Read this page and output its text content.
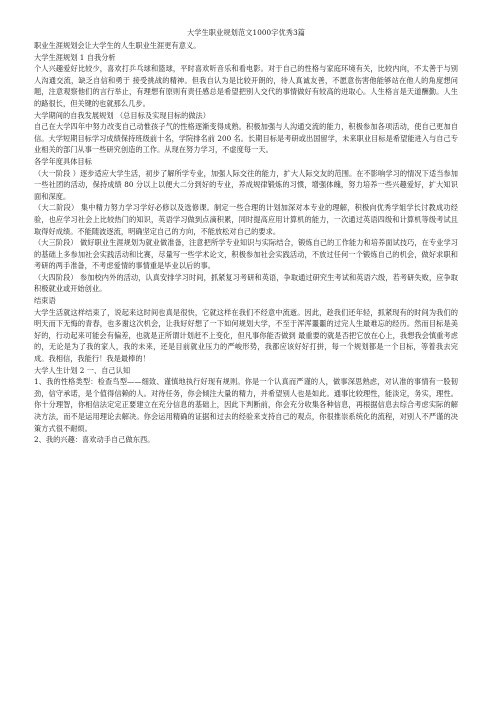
大学生职业规划范文1000字优秀3篇

职业生涯规划会让大学生的人生职业生涯更有意义。

大学生涯规划 1 自我分析

个人兴趣爱好比较少，喜欢打乒乓球和篮球，平时喜欢听音乐和看电影。对于自己的性格与家庭环境有关，比较内向，不太善于与别人沟通交流，缺乏自信和勇于 接受挑战的精神。但我自认为是比较开朗的，待人真诚友善，不愿意伤害他能够站在他人的角度想问题，注意观察他们的言行举止，有理想有原则有责任感总是希望把别人交代的事情做好有较高的进取心。人生格言是天道酬勤。人生的路很长，但关键的也就那么几步。

大学期间的自我发展规划 （总目标及实现目标的做法）

自己在大学四年中努力改变自己动惟孩子气的性格逐渐变得成熟。积极加强与人沟通交流的能力，积极参加各项活动，使自己更加自信。大学短期目标学习成绩保持班级前十名，学院排名前 200 名。长期目标是考研或出国留学，未来职业目标是希望能进入与自己专业相关的部门从事一些研究创造的工作。从现在努力学习，不虚度每一天。

各学年度具体目标

（大一阶段 ）逐步适应大学生活，初步了解所学专业，加强人际交往的能力，扩大人际交友的范围。在不影响学习的情况下适当参加一些社团的活动，保持成绩 80 分以上以便大二分到好的专业，养成规律锻炼的习惯，增强体魄，努力培养一些兴趣爱好，扩大知识面和深度。

（大二阶段） 集中精力努力学习学好必修以及选修课。制定一些合理的计划加深对本专业的理解，积极向优秀学姐学长讨教成功经验，也应学习社会上比较热门的知识，英语学习做到点滴积累，同时提高应用计算机的能力，一次通过英语四级和计算机等级考试且取得好成绩。不能随波逐流，明确坚定自己的方向，不能放松对自己的要求。

（大三阶段） 做好职业生涯规划为就业做准备，注意把所学专业知识与实际结合，锻炼自己的工作能力和培养面试技巧，在专业学习的基础上多参加社会实践活动和比赛，尽量写一些学术论文，积极参加社会实践活动，不放过任何一个锻炼自己的机会，做好求职和考研的两手准备，不考虑爱情的事情重是毕业以后的事。

（大四阶段） 参加校内外的活动，认真安排学习时间，抓紧复习考研和英语，争取通过研究生考试和英语六级，若考研失败，应争取积极就业或开始创业。

结束语

大学生活就这样结束了，说起来这时间也真是很快，它就这样在我们不经意中流逝。因此，趁我们还年轻，抓紧现有的时间为我们的明天而下无悔的青春，也多谢这次机会，让我好好想了一下如何规划大学，不至于浑浑噩噩的过完人生最难忘的经历。然而目标是美好的，行动起来可能会有偏差，也就是正所谓计划赶不上变化，但凡事你能否做到 最重要的就是否把它放在心上，我想我会慎重考虑的，无论是为了我的家人，我的未来，还是目前就业压力的严峻形势，我都应该好好打拼，每一个规划都是一个目标，等着我去完成。我相信，我能行！我是最棒的！

大学人生计划 2 一、自己认知

1、我的性格类型：检查鸟型——细致、谨慎地执行好现有规则。你是一个认真而严谨的人，做事深思熟虑，对认准的事情有一股韧劲，信守承诺，是个值得信赖的人。对待任务，你会倾注大量的精力，并希望别人也是如此。通事比较理性，能淡定，务实，理性。你十分理智，你相信法定定正要建立在充分信息的基础上，因此下判断前，你会充分收集各种信息，再根据信息去综合考虑实际的解决方法，而不是运用理论去解决。你会运用精确的证据和过去的经验来支持自己的观点，你很推崇系统化的流程，对别人不严谨的决策方式很不耐烦。

2、我的兴趣：喜欢动手自己做东西。
